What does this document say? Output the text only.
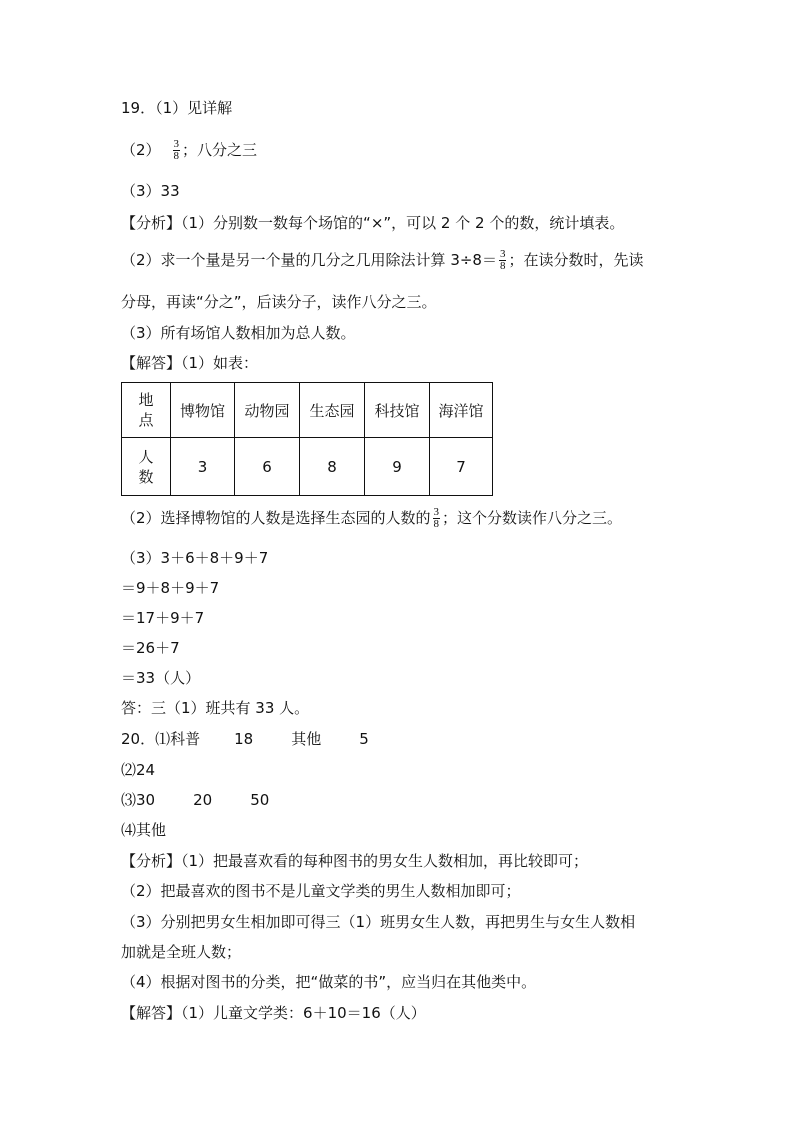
19．（1）见详解
$(2) \frac{3}{8}$ ；八分之三
（3）33
【分析】（1）分别数一数每个场馆的“×”，可以 2 个 2 个的数，统计填表。
（2）求一个量是另一个量的几分之几用除法计算 $3\div 8= \frac{3}{8}$ ；在读分数时，先读
分母，再读“分之”，后读分子，读作八分之三。
（3）所有场馆人数相加为总人数。
【解答】（1）如表：
地
点	博物馆	动物园	生态园	科技馆	海洋馆
人
数	3	6	8	9	7
（2）选择博物馆的人数是选择生态园的人数的 $\frac{3}{8}$ ；这个分数读作八分之三。
（3）3＋6＋8＋9＋7
＝9＋8＋9＋7
＝17＋9＋7
＝26＋7
＝33（人）
答：三（1）班共有 33 人。
20．⑴科普 18	其他	5
⑵24
⑶30	20	50
⑷其他
【分析】（1）把最喜欢看的每种图书的男女生人数相加，再比较即可；
（2）把最喜欢的图书不是儿童文学类的男生人数相加即可；
（3）分别把男女生相加即可得三（1）班男女生人数，再把男生与女生人数相
加就是全班人数；
（4）根据对图书的分类，把“做菜的书”，应当归在其他类中。
【解答】（1）儿童文学类：6＋10＝16（人）
